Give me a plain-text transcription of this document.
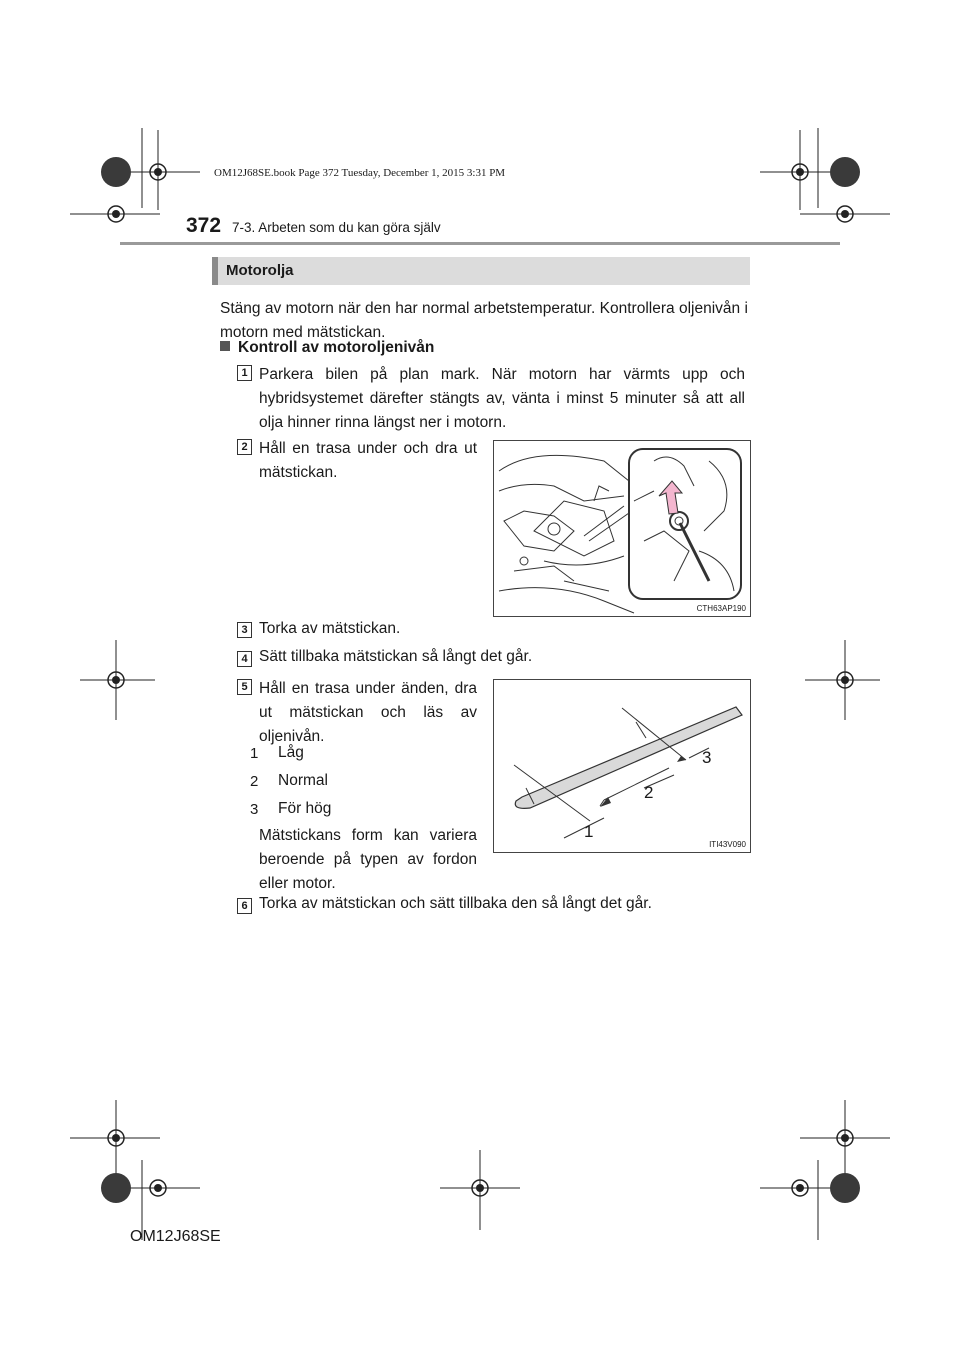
OM12J68SE.book Page 372 Tuesday, December 1, 2015 3:31 PM
372 7-3. Arbeten som du kan göra själv
Motorolja
Stäng av motorn när den har normal arbetstemperatur. Kontrollera oljenivån i motorn med mätstickan.
Kontroll av motoroljenivån
1 Parkera bilen på plan mark. När motorn har värmts upp och hybridsystemet därefter stängts av, vänta i minst 5 minuter så att all olja hinner rinna längst ner i motorn.
2 Håll en trasa under och dra ut mätstickan.
CTH63AP190
3 Torka av mätstickan.
4 Sätt tillbaka mätstickan så långt det går.
5 Håll en trasa under änden, dra ut mätstickan och läs av oljenivån.
1 Låg
2 Normal
3 För hög
Mätstickans form kan variera beroende på typen av fordon eller motor.
1
2
3
ITI43V090
6 Torka av mätstickan och sätt tillbaka den så långt det går.
OM12J68SE
